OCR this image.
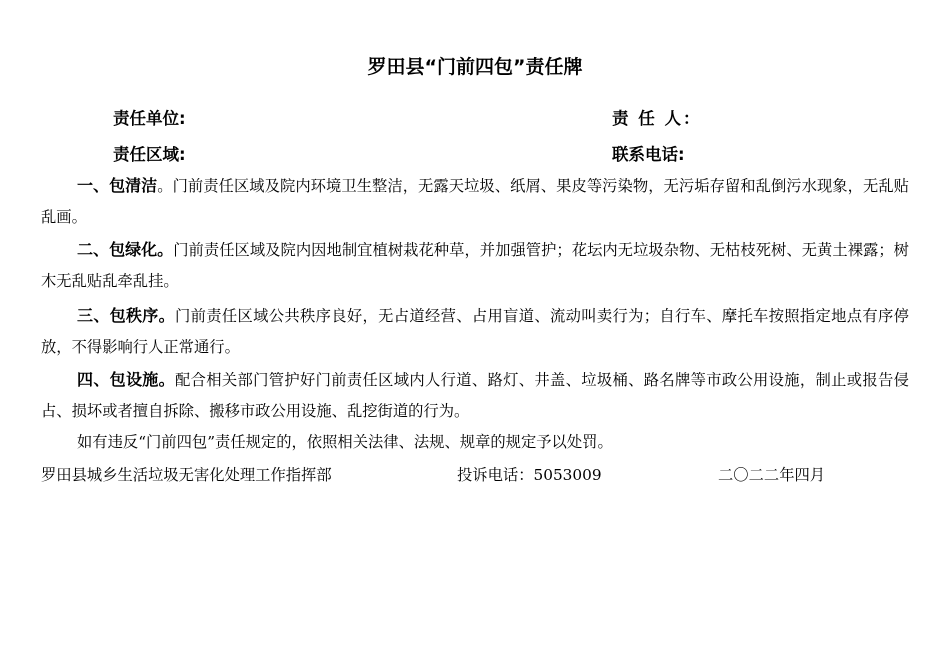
罗田县“门前四包”责任牌
责任单位:	责 任 人：
责任区域:	联系电话:
一、包清洁。门前责任区域及院内环境卫生整洁，无露天垃圾、纸屑、果皮等污染物，无污垢存留和乱倒污水现象，无乱贴乱画。
二、包绿化。门前责任区域及院内因地制宜植树栽花种草，并加强管护；花坛内无垃圾杂物、无枯枝死树、无黄土裸露；树木无乱贴乱牵乱挂。
三、包秩序。门前责任区域公共秩序良好，无占道经营、占用盲道、流动叫卖行为；自行车、摩托车按照指定地点有序停放，不得影响行人正常通行。
四、包设施。配合相关部门管护好门前责任区域内人行道、路灯、井盖、垃圾桶、路名牌等市政公用设施，制止或报告侵占、损坏或者擅自拆除、搬移市政公用设施、乱挖街道的行为。
如有违反“门前四包”责任规定的，依照相关法律、法规、规章的规定予以处罚。
罗田县城乡生活垃圾无害化处理工作指挥部	投诉电话：5053009	二〇二二年四月
